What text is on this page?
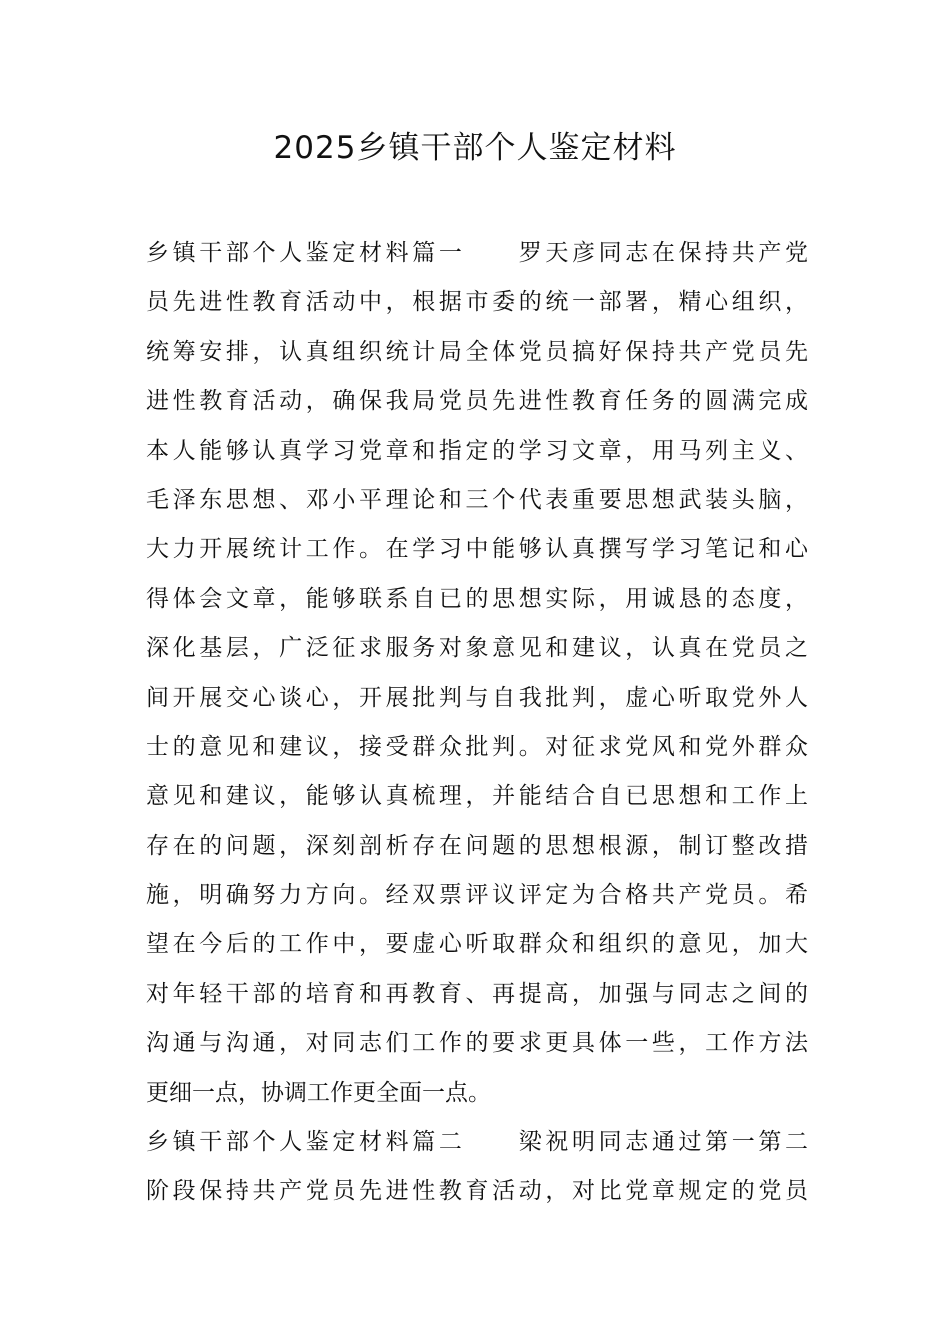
2025乡镇干部个人鉴定材料
乡镇干部个人鉴定材料篇一　　罗天彦同志在保持共产党
员先进性教育活动中，根据市委的统一部署，精心组织，
统筹安排，认真组织统计局全体党员搞好保持共产党员先
进性教育活动，确保我局党员先进性教育任务的圆满完成
本人能够认真学习党章和指定的学习文章，用马列主义、
毛泽东思想、邓小平理论和三个代表重要思想武装头脑，
大力开展统计工作。在学习中能够认真撰写学习笔记和心
得体会文章，能够联系自已的思想实际，用诚恳的态度，
深化基层，广泛征求服务对象意见和建议，认真在党员之
间开展交心谈心，开展批判与自我批判，虚心听取党外人
士的意见和建议，接受群众批判。对征求党风和党外群众
意见和建议，能够认真梳理，并能结合自已思想和工作上
存在的问题，深刻剖析存在问题的思想根源，制订整改措
施，明确努力方向。经双票评议评定为合格共产党员。希
望在今后的工作中，要虚心听取群众和组织的意见，加大
对年轻干部的培育和再教育、再提高，加强与同志之间的
沟通与沟通，对同志们工作的要求更具体一些，工作方法
更细一点，协调工作更全面一点。
乡镇干部个人鉴定材料篇二　　梁祝明同志通过第一第二
阶段保持共产党员先进性教育活动，对比党章规定的党员
